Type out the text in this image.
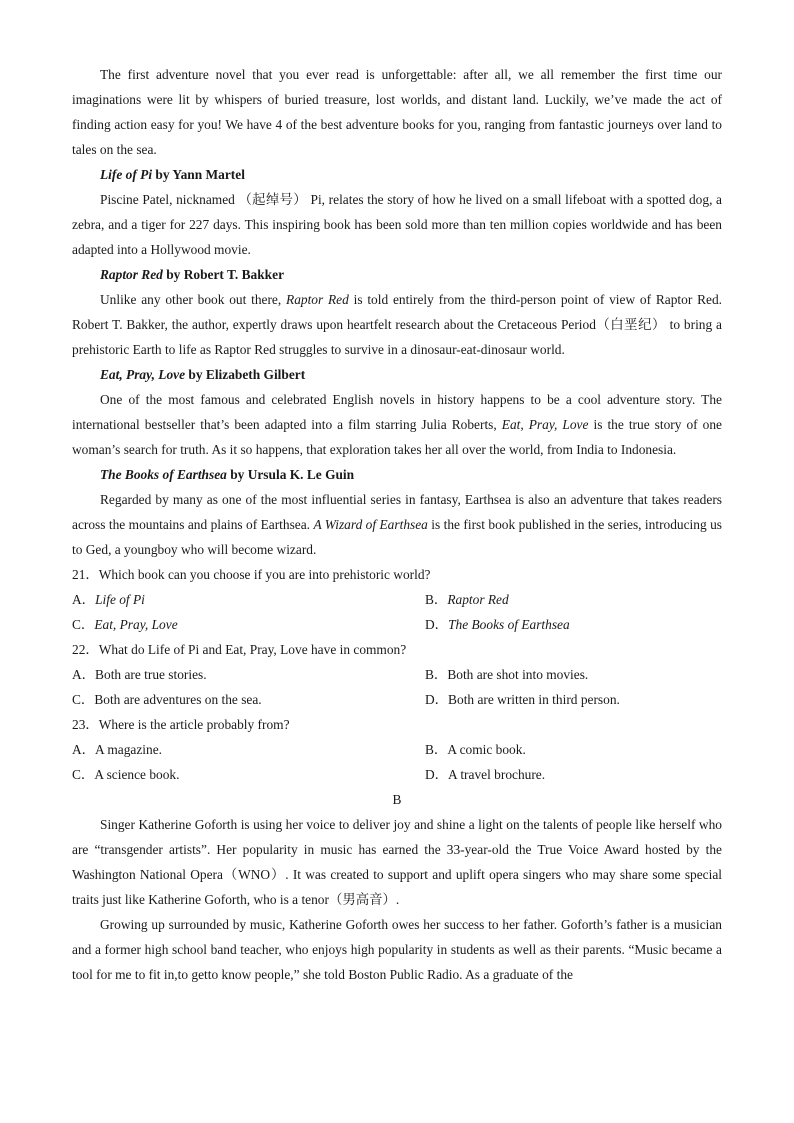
The first adventure novel that you ever read is unforgettable: after all, we all remember the first time our imaginations were lit by whispers of buried treasure, lost worlds, and distant land. Luckily, we’ve made the act of finding action easy for you! We have 4 of the best adventure books for you, ranging from fantastic journeys over land to tales on the sea.

Life of Pi by Yann Martel

Piscine Patel, nicknamed （起绰号） Pi, relates the story of how he lived on a small lifeboat with a spotted dog, a zebra, and a tiger for 227 days. This inspiring book has been sold more than ten million copies worldwide and has been adapted into a Hollywood movie.

Raptor Red by Robert T. Bakker

Unlike any other book out there, Raptor Red is told entirely from the third-person point of view of Raptor Red. Robert T. Bakker, the author, expertly draws upon heartfelt research about the Cretaceous Period（白垩纪） to bring a prehistoric Earth to life as Raptor Red struggles to survive in a dinosaur-eat-dinosaur world.

Eat, Pray, Love by Elizabeth Gilbert

One of the most famous and celebrated English novels in history happens to be a cool adventure story. The international bestseller that’s been adapted into a film starring Julia Roberts, Eat, Pray, Love is the true story of one woman’s search for truth. As it so happens, that exploration takes her all over the world, from India to Indonesia.

The Books of Earthsea by Ursula K. Le Guin

Regarded by many as one of the most influential series in fantasy, Earthsea is also an adventure that takes readers across the mountains and plains of Earthsea. A Wizard of Earthsea is the first book published in the series, introducing us to Ged, a youngboy who will become wizard.

21．Which book can you choose if you are into prehistoric world?
A．Life of Pi	B．Raptor Red
C．Eat, Pray, Love	D．The Books of Earthsea
22．What do Life of Pi and Eat, Pray, Love have in common?
A．Both are true stories.	B．Both are shot into movies.
C．Both are adventures on the sea.	D．Both are written in third person.
23．Where is the article probably from?
A．A magazine.	B．A comic book.
C．A science book.	D．A travel brochure.
B

Singer Katherine Goforth is using her voice to deliver joy and shine a light on the talents of people like herself who are “transgender artists”. Her popularity in music has earned the 33-year-old the True Voice Award hosted by the Washington National Opera（WNO）. It was created to support and uplift opera singers who may share some special traits just like Katherine Goforth, who is a tenor（男高音）.

Growing up surrounded by music, Katherine Goforth owes her success to her father. Goforth’s father is a musician and a former high school band teacher, who enjoys high popularity in students as well as their parents. “Music became a tool for me to fit in,to getto know people,” she told Boston Public Radio. As a graduate of the
